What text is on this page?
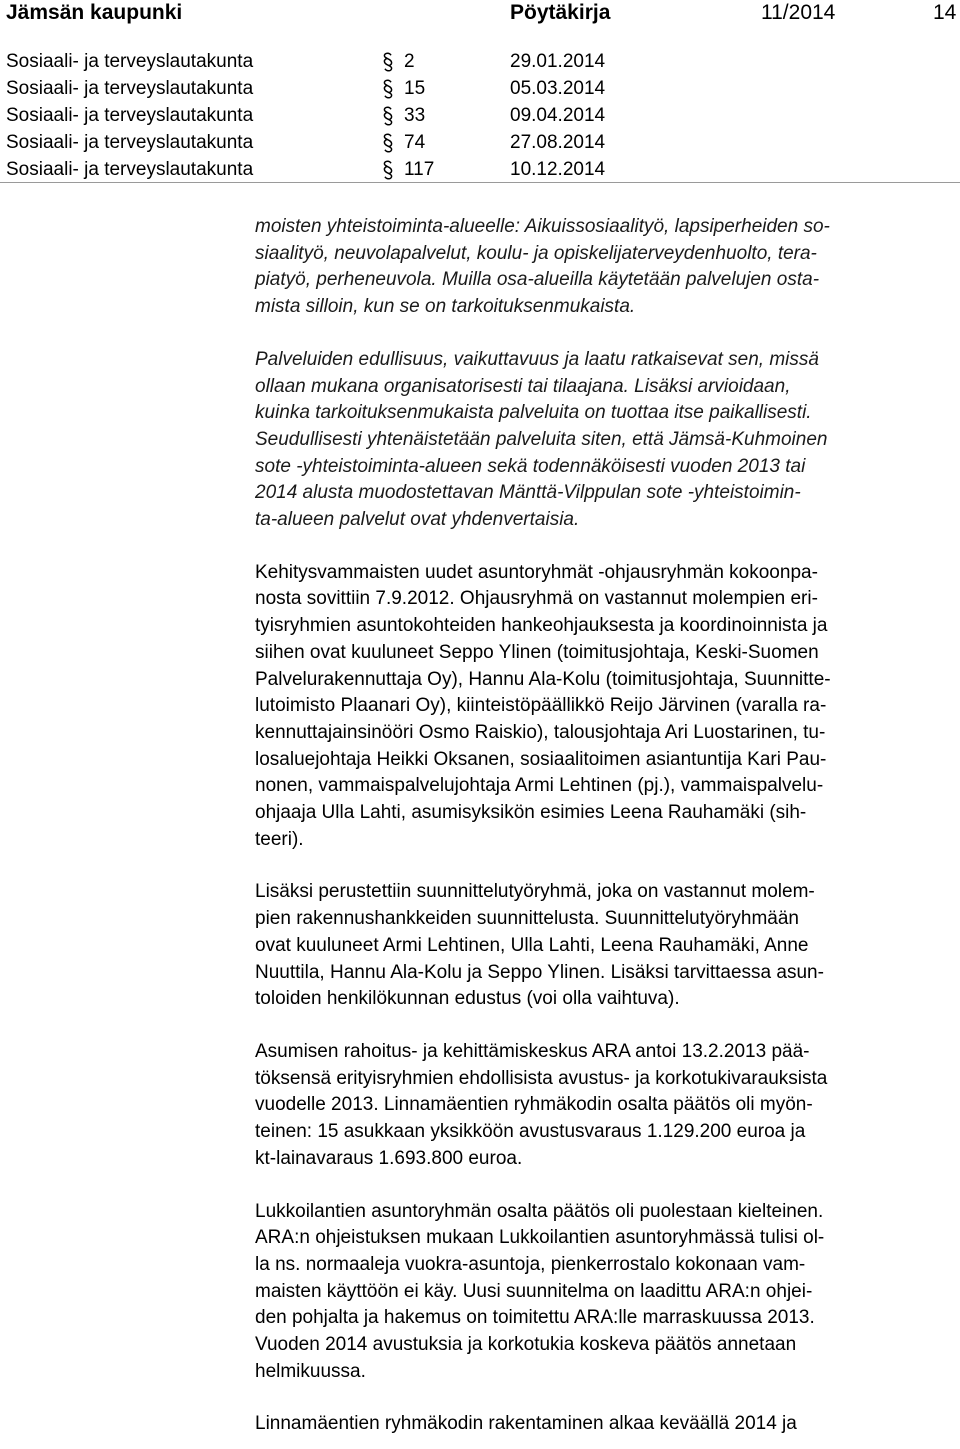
Jämsän kaupunki	Pöytäkirja	11/2014	14
Sosiaali- ja terveyslautakunta	2	29.01.2014
Sosiaali- ja terveyslautakunta	15	05.03.2014
Sosiaali- ja terveyslautakunta	33	09.04.2014
Sosiaali- ja terveyslautakunta	74	27.08.2014
Sosiaali- ja terveyslautakunta	117	10.12.2014

moisten yhteistoiminta-alueelle: Aikuissosiaalityö, lapsiperheiden so-
siaalityö, neuvolapalvelut, koulu- ja opiskelijaterveydenhuolto, tera-
piatyö, perheneuvola. Muilla osa-alueilla käytetään palvelujen osta-
mista silloin, kun se on tarkoituksenmukaista.

Palveluiden edullisuus, vaikuttavuus ja laatu ratkaisevat sen, missä
ollaan mukana organisatorisesti tai tilaajana. Lisäksi arvioidaan,
kuinka tarkoituksenmukaista palveluita on tuottaa itse paikallisesti.
Seudullisesti yhtenäistetään palveluita siten, että Jämsä-Kuhmoinen
sote -yhteistoiminta-alueen sekä todennäköisesti vuoden 2013 tai
2014 alusta muodostettavan Mänttä-Vilppulan sote -yhteistoimin-
ta-alueen palvelut ovat yhdenvertaisia.

Kehitysvammaisten uudet asuntoryhmät -ohjausryhmän kokoonpa-
nosta sovittiin 7.9.2012. Ohjausryhmä on vastannut molempien eri-
tyisryhmien asuntokohteiden hankeohjauksesta ja koordinoinnista ja
siihen ovat kuuluneet Seppo Ylinen (toimitusjohtaja, Keski-Suomen
Palvelurakennuttaja Oy), Hannu Ala-Kolu (toimitusjohtaja, Suunnitte-
lutoimisto Plaanari Oy), kiinteistöpäällikkö Reijo Järvinen (varalla ra-
kennuttajainsinööri Osmo Raiskio), talousjohtaja Ari Luostarinen, tu-
losaluejohtaja Heikki Oksanen, sosiaalitoimen asiantuntija Kari Pau-
nonen, vammaispalvelujohtaja Armi Lehtinen (pj.), vammaispalvelu-
ohjaaja Ulla Lahti, asumisyksikön esimies Leena Rauhamäki (sih-
teeri).

Lisäksi perustettiin suunnittelutyöryhmä, joka on vastannut molem-
pien rakennushankkeiden suunnittelusta. Suunnittelutyöryhmään
ovat kuuluneet Armi Lehtinen, Ulla Lahti, Leena Rauhamäki, Anne
Nuuttila, Hannu Ala-Kolu ja Seppo Ylinen. Lisäksi tarvittaessa asun-
toloiden henkilökunnan edustus (voi olla vaihtuva).

Asumisen rahoitus- ja kehittämiskeskus ARA antoi 13.2.2013 pää-
töksensä erityisryhmien ehdollisista avustus- ja korkotukivarauksista
vuodelle 2013. Linnamäentien ryhmäkodin osalta päätös oli myön-
teinen: 15 asukkaan yksikköön avustusvaraus 1.129.200 euroa ja
kt-lainavaraus 1.693.800 euroa.

Lukkoilantien asuntoryhmän osalta päätös oli puolestaan kielteinen.
ARA:n ohjeistuksen mukaan Lukkoilantien asuntoryhmässä tulisi ol-
la ns. normaaleja vuokra-asuntoja, pienkerrostalo kokonaan vam-
maisten käyttöön ei käy. Uusi suunnitelma on laadittu ARA:n ohjei-
den pohjalta ja hakemus on toimitettu ARA:lle marraskuussa 2013.
Vuoden 2014 avustuksia ja korkotukia koskeva päätös annetaan
helmikuussa.

Linnamäentien ryhmäkodin rakentaminen alkaa keväällä 2014 ja
